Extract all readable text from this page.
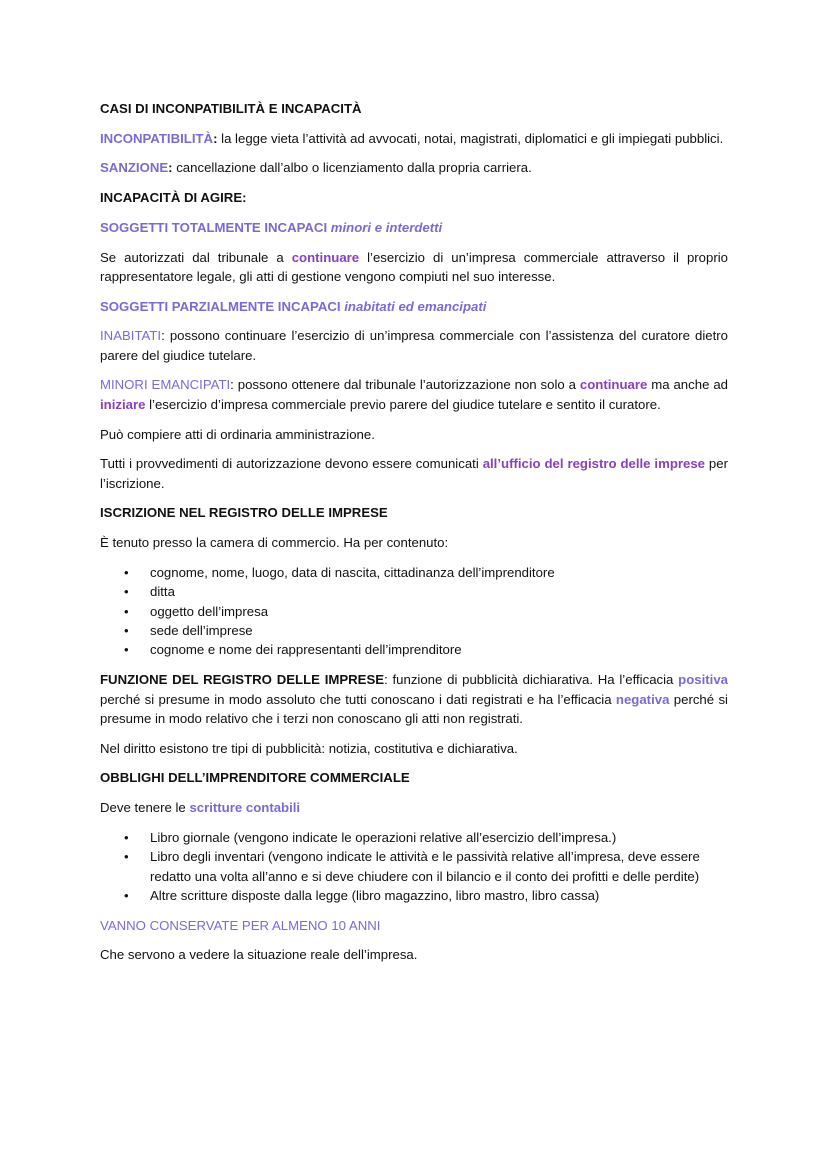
CASI DI INCONPATIBILITÀ E INCAPACITÀ

INCONPATIBILITÀ: la legge vieta l’attività ad avvocati, notai, magistrati, diplomatici e gli impiegati pubblici.

SANZIONE: cancellazione dall’albo o licenziamento dalla propria carriera.

INCAPACITÀ DI AGIRE:

SOGGETTI TOTALMENTE INCAPACI minori e interdetti

Se autorizzati dal tribunale a continuare l’esercizio di un’impresa commerciale attraverso il proprio rappresentatore legale, gli atti di gestione vengono compiuti nel suo interesse.

SOGGETTI PARZIALMENTE INCAPACI inabitati ed emancipati

INABITATI: possono continuare l’esercizio di un’impresa commerciale con l’assistenza del curatore dietro parere del giudice tutelare.

MINORI EMANCIPATI: possono ottenere dal tribunale l’autorizzazione non solo a continuare ma anche ad iniziare l’esercizio d’impresa commerciale previo parere del giudice tutelare e sentito il curatore.

Può compiere atti di ordinaria amministrazione.

Tutti i provvedimenti di autorizzazione devono essere comunicati all’ufficio del registro delle imprese per l’iscrizione.

ISCRIZIONE NEL REGISTRO DELLE IMPRESE

È tenuto presso la camera di commercio. Ha per contenuto:

• cognome, nome, luogo, data di nascita, cittadinanza dell’imprenditore
• ditta
• oggetto dell’impresa
• sede dell’imprese
• cognome e nome dei rappresentanti dell’imprenditore

FUNZIONE DEL REGISTRO DELLE IMPRESE: funzione di pubblicità dichiarativa. Ha l’efficacia positiva perché si presume in modo assoluto che tutti conoscano i dati registrati e ha l’efficacia negativa perché si presume in modo relativo che i terzi non conoscano gli atti non registrati.

Nel diritto esistono tre tipi di pubblicità: notizia, costitutiva e dichiarativa.

OBBLIGHI DELL’IMPRENDITORE COMMERCIALE

Deve tenere le scritture contabili

• Libro giornale (vengono indicate le operazioni relative all’esercizio dell’impresa.)
• Libro degli inventari (vengono indicate le attività e le passività relative all’impresa, deve essere redatto una volta all’anno e si deve chiudere con il bilancio e il conto dei profitti e delle perdite)
• Altre scritture disposte dalla legge (libro magazzino, libro mastro, libro cassa)

VANNO CONSERVATE PER ALMENO 10 ANNI

Che servono a vedere la situazione reale dell’impresa.
